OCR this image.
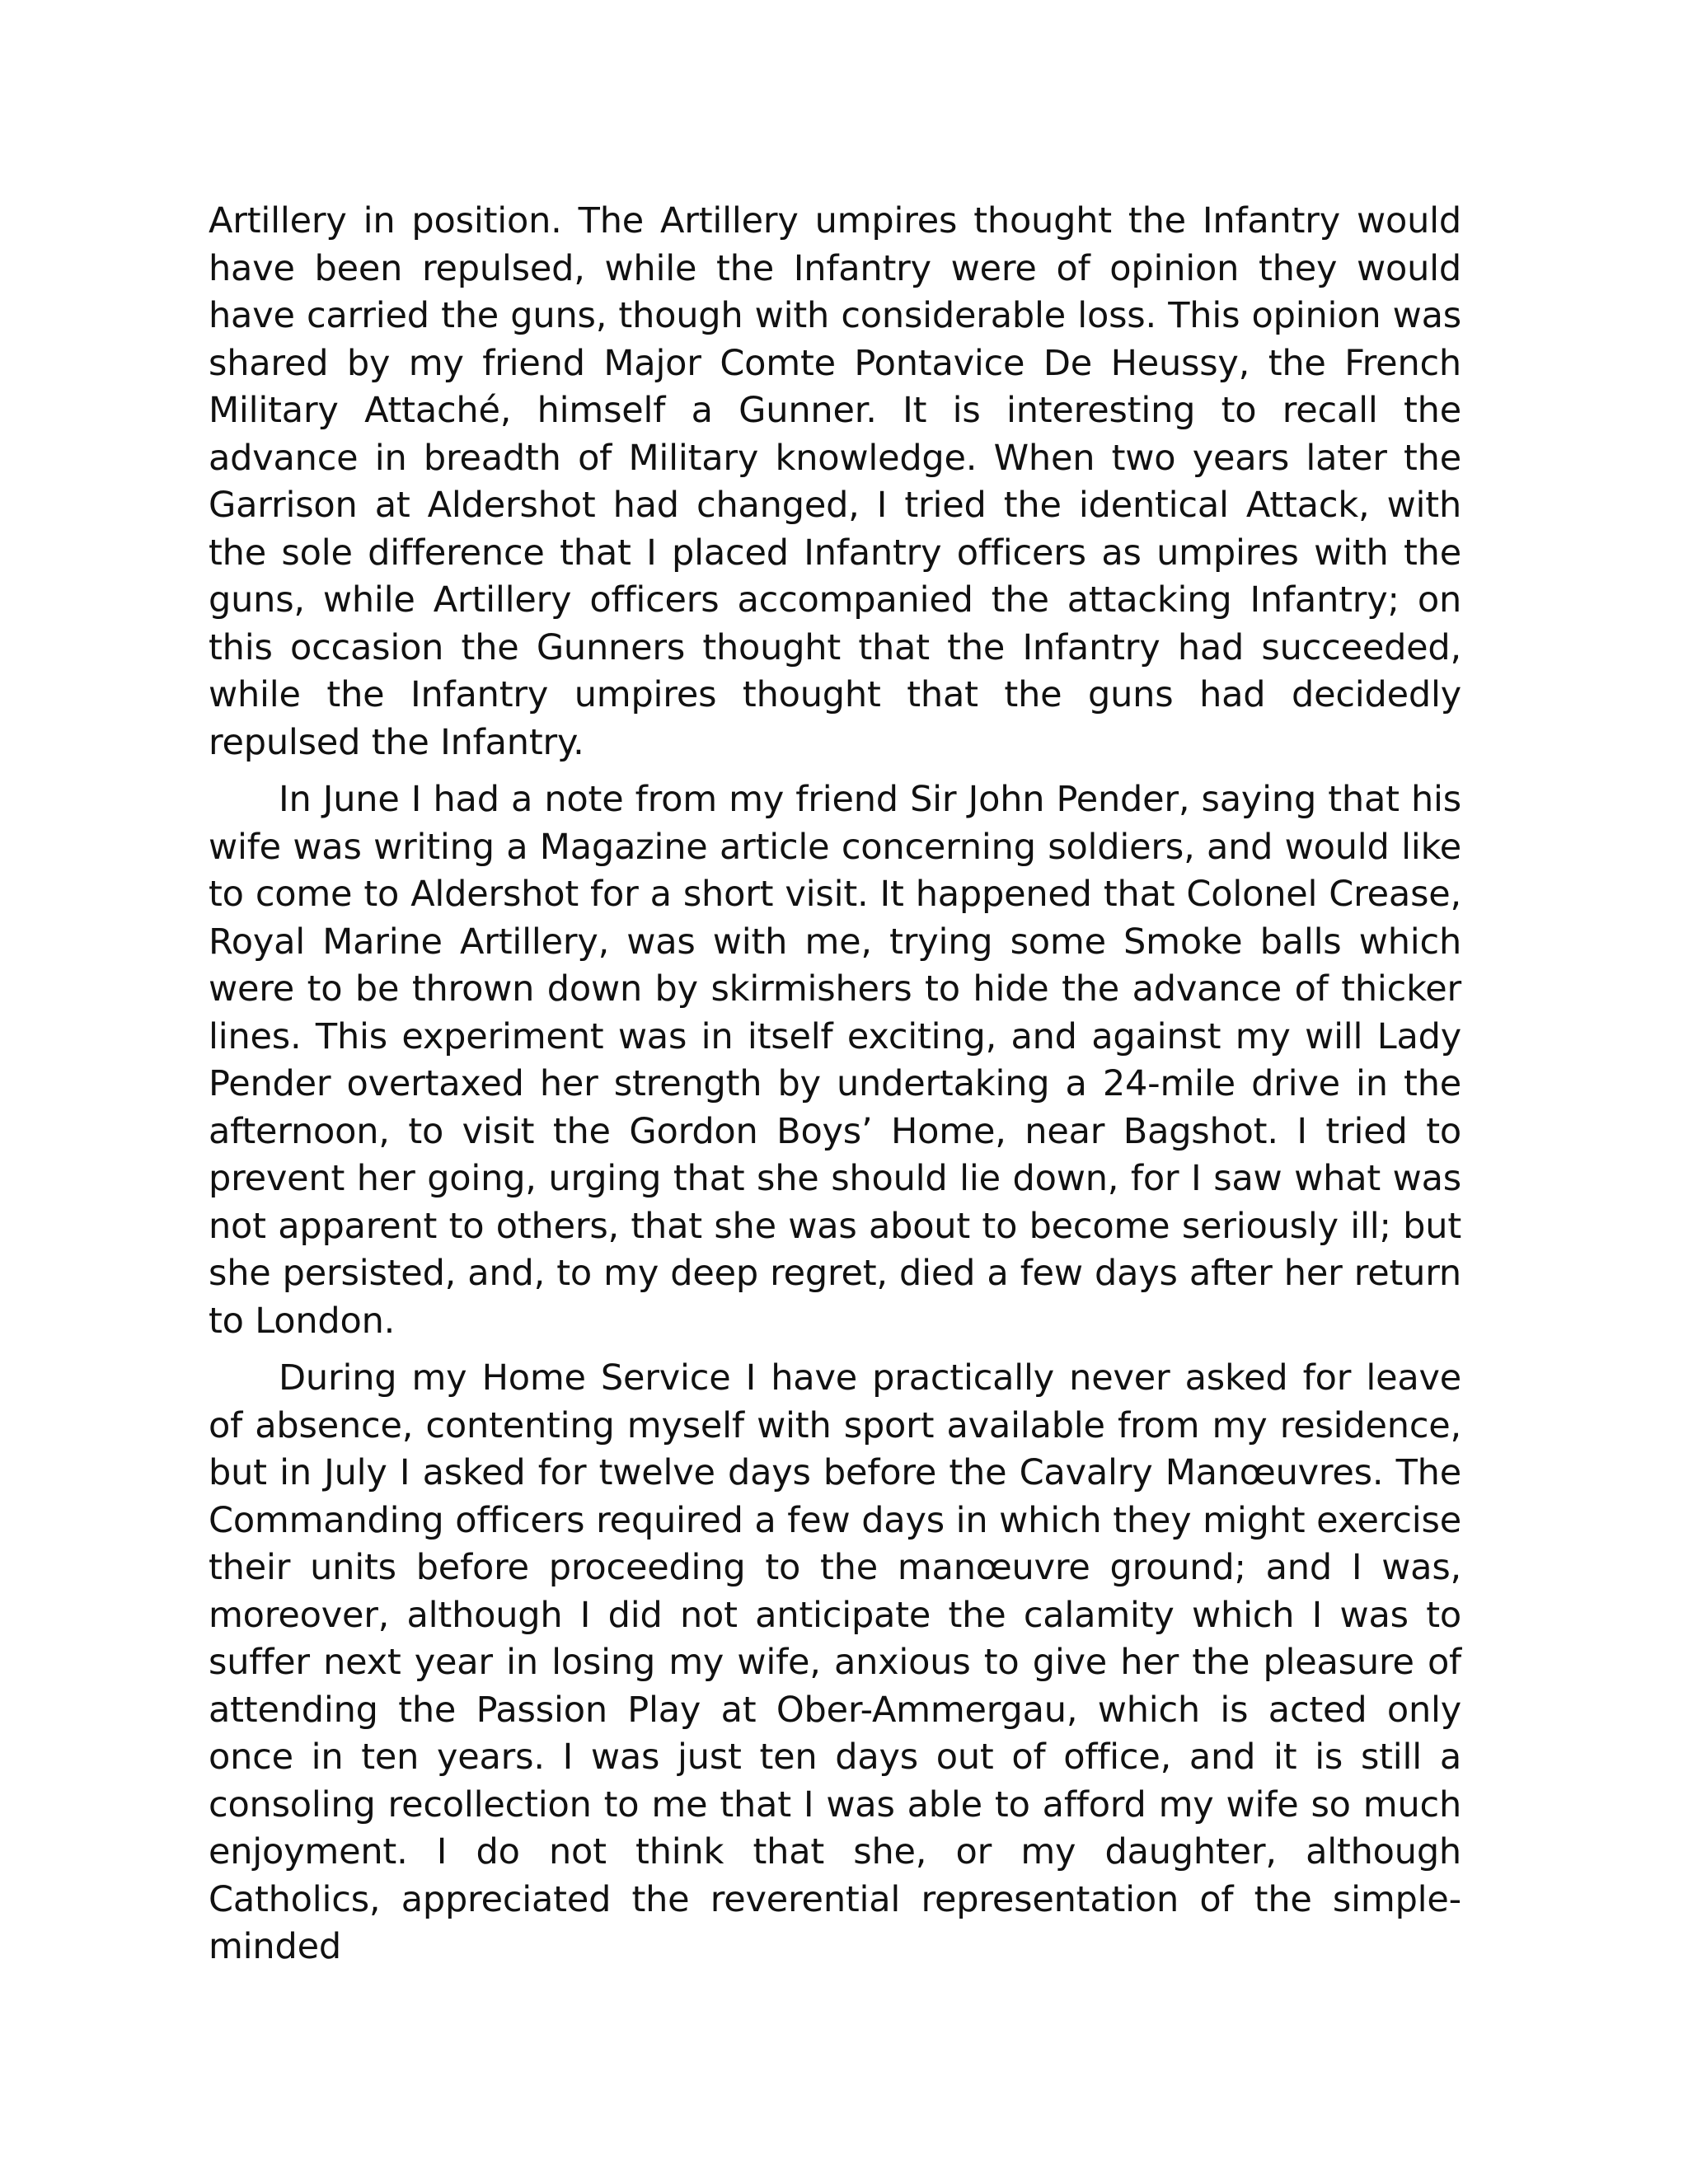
Artillery in position. The Artillery umpires thought the Infantry would have been repulsed, while the Infantry were of opinion they would have carried the guns, though with considerable loss. This opinion was shared by my friend Major Comte Pontavice De Heussy, the French Military Attaché, himself a Gunner. It is interesting to recall the advance in breadth of Military knowledge. When two years later the Garrison at Aldershot had changed, I tried the identical Attack, with the sole difference that I placed Infantry officers as umpires with the guns, while Artillery officers accompanied the attacking Infantry; on this occasion the Gunners thought that the Infantry had succeeded, while the Infantry umpires thought that the guns had decidedly repulsed the Infantry.

In June I had a note from my friend Sir John Pender, saying that his wife was writing a Magazine article concerning soldiers, and would like to come to Aldershot for a short visit. It happened that Colonel Crease, Royal Marine Artillery, was with me, trying some Smoke balls which were to be thrown down by skirmishers to hide the advance of thicker lines. This experiment was in itself exciting, and against my will Lady Pender overtaxed her strength by undertaking a 24-mile drive in the afternoon, to visit the Gordon Boys’ Home, near Bagshot. I tried to prevent her going, urging that she should lie down, for I saw what was not apparent to others, that she was about to become seriously ill; but she persisted, and, to my deep regret, died a few days after her return to London.

During my Home Service I have practically never asked for leave of absence, contenting myself with sport available from my residence, but in July I asked for twelve days before the Cavalry Manœuvres. The Commanding officers required a few days in which they might exercise their units before proceeding to the manœuvre ground; and I was, moreover, although I did not anticipate the calamity which I was to suffer next year in losing my wife, anxious to give her the pleasure of attending the Passion Play at Ober-Ammergau, which is acted only once in ten years. I was just ten days out of office, and it is still a consoling recollection to me that I was able to afford my wife so much enjoyment. I do not think that she, or my daughter, although Catholics, appreciated the reverential representation of the simple-minded
